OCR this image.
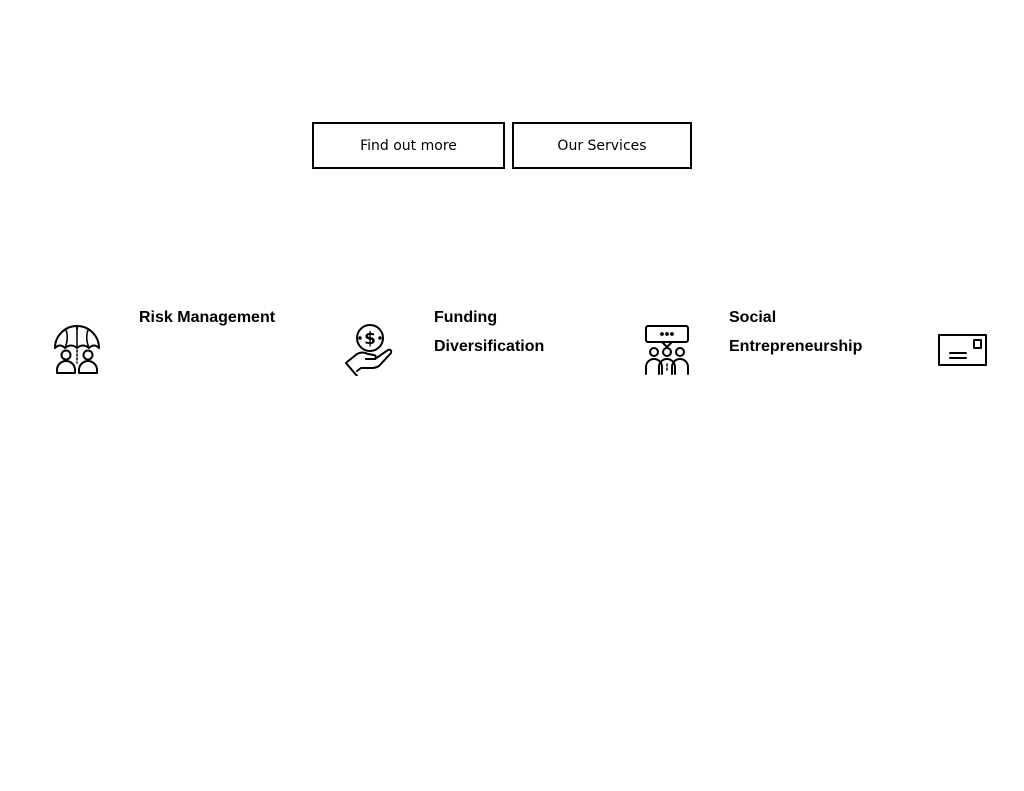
Find out more	Our Services

Risk Management

$

Funding
Diversification

Social
Entrepreneurship
